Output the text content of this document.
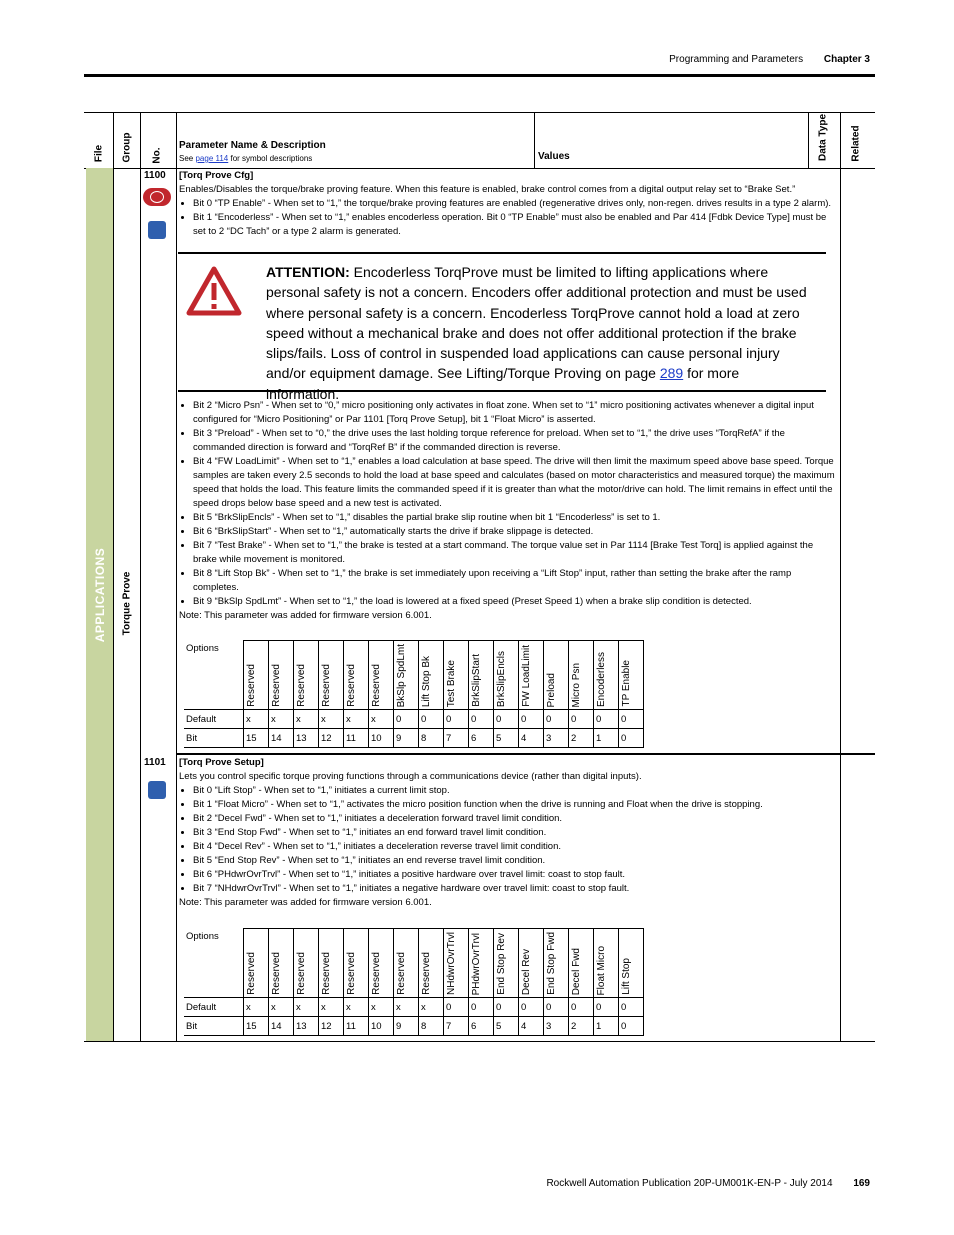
Programming and Parameters Chapter 3
File Group No.
Parameter Name & Description
See page 114 for symbol descriptions	Values	Data Type Related
APPLICATIONS Torque Prove
1100 [Torq Prove Cfg]
Enables/Disables the torque/brake proving feature. When this feature is enabled, brake control comes from a digital output relay set to “Brake Set.”
• Bit 0 “TP Enable” - When set to “1,” the torque/brake proving features are enabled (regenerative drives only, non-regen. drives results in a type 2 alarm).
• Bit 1 “Encoderless” - When set to “1,” enables encoderless operation. Bit 0 “TP Enable” must also be enabled and Par 414 [Fdbk Device Type] must be set to 2 “DC Tach” or a type 2 alarm is generated.
ATTENTION: Encoderless TorqProve must be limited to lifting applications where personal safety is not a concern. Encoders offer additional protection and must be used where personal safety is a concern. Encoderless TorqProve cannot hold a load at zero speed without a mechanical brake and does not offer additional protection if the brake slips/fails. Loss of control in suspended load applications can cause personal injury and/or equipment damage. See Lifting/Torque Proving on page 289 for more information.
• Bit 2 “Micro Psn” - When set to “0,” micro positioning only activates in float zone. When set to “1” micro positioning activates whenever a digital input configured for “Micro Positioning” or Par 1101 [Torq Prove Setup], bit 1 “Float Micro” is asserted.
• Bit 3 “Preload” - When set to “0,” the drive uses the last holding torque reference for preload. When set to “1,” the drive uses “TorqRefA” if the commanded direction is forward and “TorqRef B” if the commanded direction is reverse.
• Bit 4 “FW LoadLimit” - When set to “1,” enables a load calculation at base speed. The drive will then limit the maximum speed above base speed. Torque samples are taken every 2.5 seconds to hold the load at base speed and calculates (based on motor characteristics and measured torque) the maximum speed that holds the load. This feature limits the commanded speed if it is greater than what the motor/drive can hold. The limit remains in effect until the speed drops below base speed and a new test is activated.
• Bit 5 “BrkSlipEncls” - When set to “1,” disables the partial brake slip routine when bit 1 “Encoderless” is set to 1.
• Bit 6 “BrkSlipStart” - When set to “1,” automatically starts the drive if brake slippage is detected.
• Bit 7 “Test Brake” - When set to “1,” the brake is tested at a start command. The torque value set in Par 1114 [Brake Test Torq] is applied against the brake while movement is monitored.
• Bit 8 “Lift Stop Bk” - When set to “1,” the brake is set immediately upon receiving a “Lift Stop” input, rather than setting the brake after the ramp completes.
• Bit 9 “BkSlp SpdLmt” - When set to “1,” the load is lowered at a fixed speed (Preset Speed 1) when a brake slip condition is detected.
Note: This parameter was added for firmware version 6.001.
Options	Reserved	Reserved	Reserved	Reserved	Reserved	Reserved	BkSlp SpdLmt	Lift Stop Bk	Test Brake	BrkSlipStart	BrkSlipEncls	FW LoadLimit	Preload	Micro Psn	Encoderless	TP Enable

Default	x	x	x	x	x	x	0	0	0	0	0	0	0	0	0	0
Bit	15	14	13	12	11	10	9	8	7	6	5	4	3	2	1	0
1101 [Torq Prove Setup]
Lets you control specific torque proving functions through a communications device (rather than digital inputs).
• Bit 0 “Lift Stop” - When set to “1,” initiates a current limit stop.
• Bit 1 “Float Micro” - When set to “1,” activates the micro position function when the drive is running and Float when the drive is stopping.
• Bit 2 “Decel Fwd” - When set to “1,” initiates a deceleration forward travel limit condition.
• Bit 3 “End Stop Fwd” - When set to “1,” initiates an end forward travel limit condition.
• Bit 4 “Decel Rev” - When set to “1,” initiates a deceleration reverse travel limit condition.
• Bit 5 “End Stop Rev” - When set to “1,” initiates an end reverse travel limit condition.
• Bit 6 “PHdwrOvrTrvl” - When set to “1,” initiates a positive hardware over travel limit: coast to stop fault.
• Bit 7 “NHdwrOvrTrvl” - When set to “1,” initiates a negative hardware over travel limit: coast to stop fault.
Note: This parameter was added for firmware version 6.001.
Options	Reserved	Reserved	Reserved	Reserved	Reserved	Reserved	Reserved	Reserved	NHdwrOvrTrvl	PHdwrOvrTrvl	End Stop Rev	Decel Rev	End Stop Fwd	Decel Fwd	Float Micro	Lift Stop

Default	x	x	x	x	x	x	x	x	0	0	0	0	0	0	0	0
Bit	15	14	13	12	11	10	9	8	7	6	5	4	3	2	1	0
Rockwell Automation Publication 20P-UM001K-EN-P - July 2014 169
